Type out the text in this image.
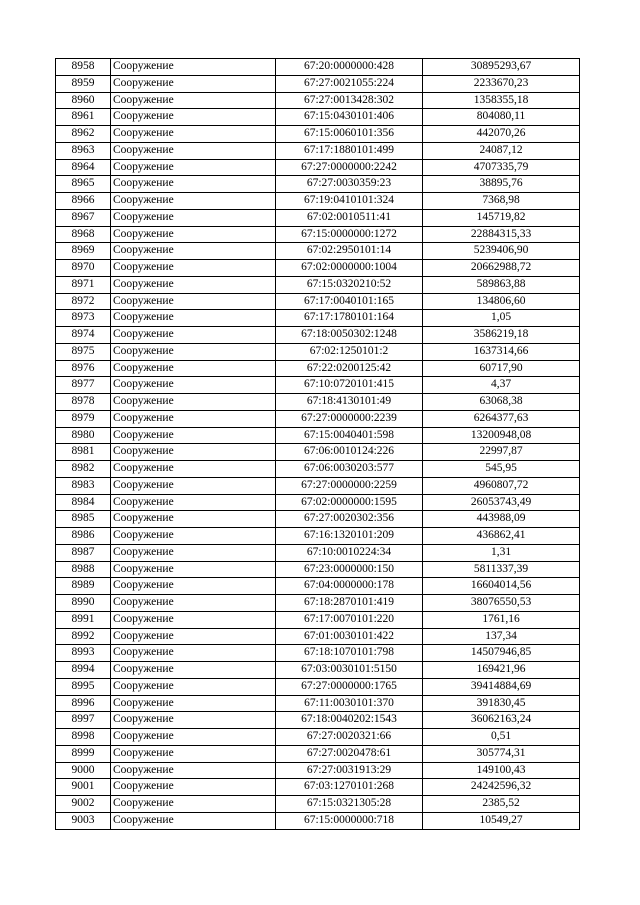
8958	Сооружение	67:20:0000000:428	30895293,67
8959	Сооружение	67:27:0021055:224	2233670,23
8960	Сооружение	67:27:0013428:302	1358355,18
8961	Сооружение	67:15:0430101:406	804080,11
8962	Сооружение	67:15:0060101:356	442070,26
8963	Сооружение	67:17:1880101:499	24087,12
8964	Сооружение	67:27:0000000:2242	4707335,79
8965	Сооружение	67:27:0030359:23	38895,76
8966	Сооружение	67:19:0410101:324	7368,98
8967	Сооружение	67:02:0010511:41	145719,82
8968	Сооружение	67:15:0000000:1272	22884315,33
8969	Сооружение	67:02:2950101:14	5239406,90
8970	Сооружение	67:02:0000000:1004	20662988,72
8971	Сооружение	67:15:0320210:52	589863,88
8972	Сооружение	67:17:0040101:165	134806,60
8973	Сооружение	67:17:1780101:164	1,05
8974	Сооружение	67:18:0050302:1248	3586219,18
8975	Сооружение	67:02:1250101:2	1637314,66
8976	Сооружение	67:22:0200125:42	60717,90
8977	Сооружение	67:10:0720101:415	4,37
8978	Сооружение	67:18:4130101:49	63068,38
8979	Сооружение	67:27:0000000:2239	6264377,63
8980	Сооружение	67:15:0040401:598	13200948,08
8981	Сооружение	67:06:0010124:226	22997,87
8982	Сооружение	67:06:0030203:577	545,95
8983	Сооружение	67:27:0000000:2259	4960807,72
8984	Сооружение	67:02:0000000:1595	26053743,49
8985	Сооружение	67:27:0020302:356	443988,09
8986	Сооружение	67:16:1320101:209	436862,41
8987	Сооружение	67:10:0010224:34	1,31
8988	Сооружение	67:23:0000000:150	5811337,39
8989	Сооружение	67:04:0000000:178	16604014,56
8990	Сооружение	67:18:2870101:419	38076550,53
8991	Сооружение	67:17:0070101:220	1761,16
8992	Сооружение	67:01:0030101:422	137,34
8993	Сооружение	67:18:1070101:798	14507946,85
8994	Сооружение	67:03:0030101:5150	169421,96
8995	Сооружение	67:27:0000000:1765	39414884,69
8996	Сооружение	67:11:0030101:370	391830,45
8997	Сооружение	67:18:0040202:1543	36062163,24
8998	Сооружение	67:27:0020321:66	0,51
8999	Сооружение	67:27:0020478:61	305774,31
9000	Сооружение	67:27:0031913:29	149100,43
9001	Сооружение	67:03:1270101:268	24242596,32
9002	Сооружение	67:15:0321305:28	2385,52
9003	Сооружение	67:15:0000000:718	10549,27
